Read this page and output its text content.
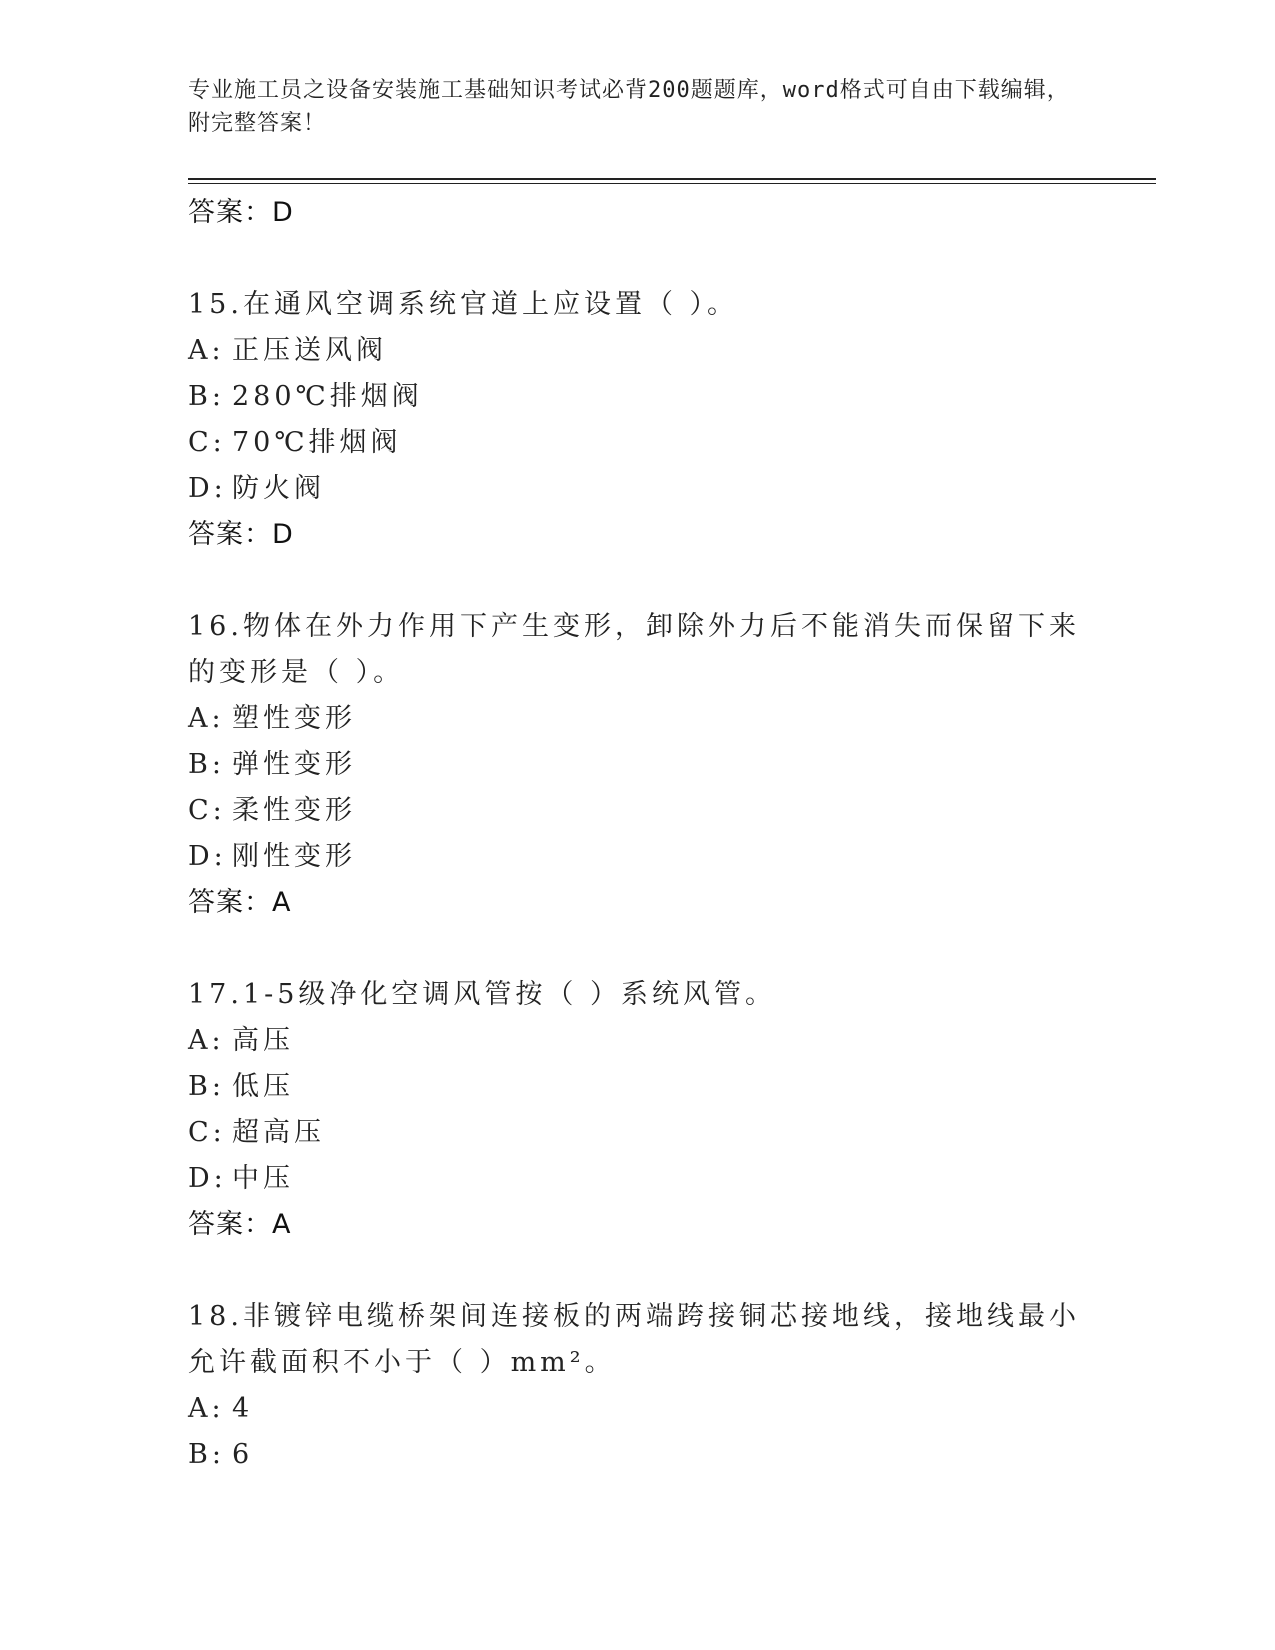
专业施工员之设备安装施工基础知识考试必背200题题库，word格式可自由下载编辑，附完整答案！
答案：D
15.在通风空调系统官道上应设置（ ）。
A: 正压送风阀
B: 280℃排烟阀
C: 70℃排烟阀
D: 防火阀
答案：D
16.物体在外力作用下产生变形，卸除外力后不能消失而保留下来的变形是（ ）。
A: 塑性变形
B: 弹性变形
C: 柔性变形
D: 刚性变形
答案：A
17.1-5级净化空调风管按（ ）系统风管。
A: 高压
B: 低压
C: 超高压
D: 中压
答案：A
18.非镀锌电缆桥架间连接板的两端跨接铜芯接地线，接地线最小允许截面积不小于（ ）mm²。
A: 4
B: 6
